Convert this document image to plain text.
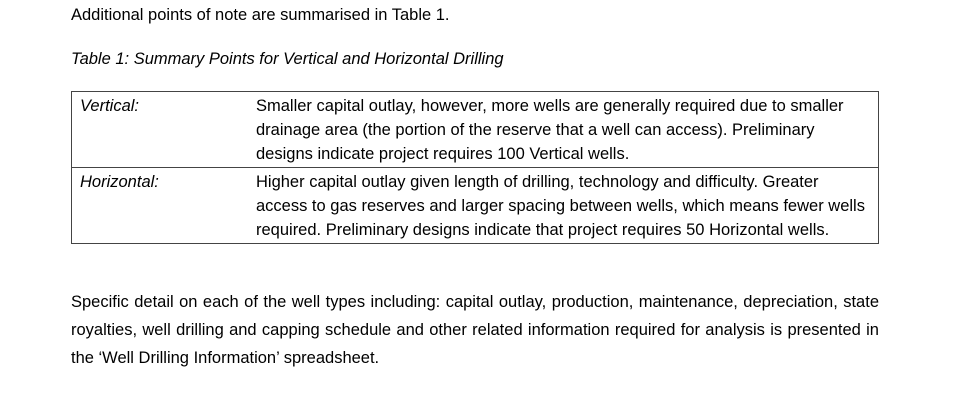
Additional points of note are summarised in Table 1.
Table 1: Summary Points for Vertical and Horizontal Drilling
Vertical:	Smaller capital outlay, however, more wells are generally required due to smaller drainage area (the portion of the reserve that a well can access). Preliminary designs indicate project requires 100 Vertical wells.
Horizontal:	Higher capital outlay given length of drilling, technology and difficulty. Greater access to gas reserves and larger spacing between wells, which means fewer wells required. Preliminary designs indicate that project requires 50 Horizontal wells.
Specific detail on each of the well types including: capital outlay, production, maintenance, depreciation, state royalties, well drilling and capping schedule and other related information required for analysis is presented in the ‘Well Drilling Information’ spreadsheet.
